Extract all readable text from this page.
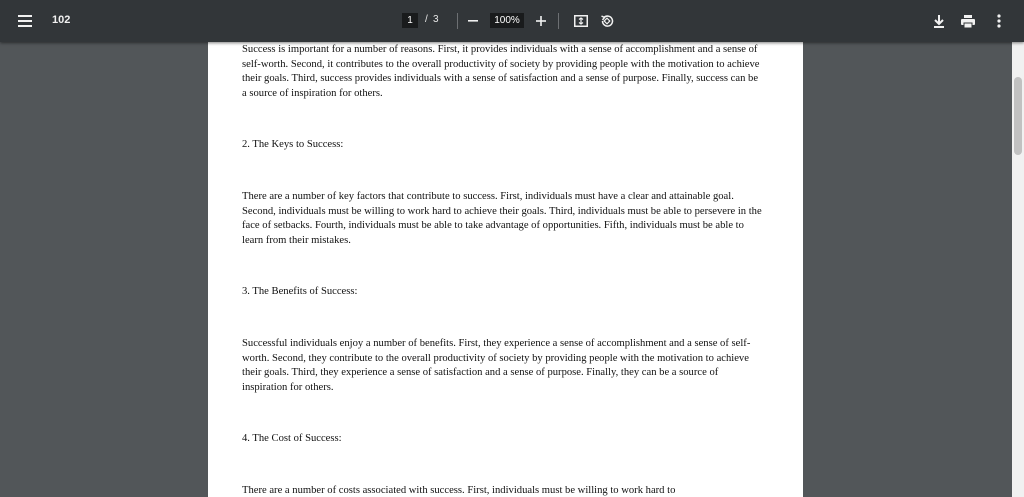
102	1	/ 3	100%

Success is important for a number of reasons. First, it provides individuals with a sense of accomplishment and a sense of self-worth. Second, it contributes to the overall productivity of society by providing people with the motivation to achieve their goals. Third, success provides individuals with a sense of satisfaction and a sense of purpose. Finally, success can be a source of inspiration for others.

2. The Keys to Success:

There are a number of key factors that contribute to success. First, individuals must have a clear and attainable goal. Second, individuals must be willing to work hard to achieve their goals. Third, individuals must be able to persevere in the face of setbacks. Fourth, individuals must be able to take advantage of opportunities. Fifth, individuals must be able to learn from their mistakes.

3. The Benefits of Success:

Successful individuals enjoy a number of benefits. First, they experience a sense of accomplishment and a sense of self-worth. Second, they contribute to the overall productivity of society by providing people with the motivation to achieve their goals. Third, they experience a sense of satisfaction and a sense of purpose. Finally, they can be a source of inspiration for others.

4. The Cost of Success:

There are a number of costs associated with success. First, individuals must be willing to work hard to
